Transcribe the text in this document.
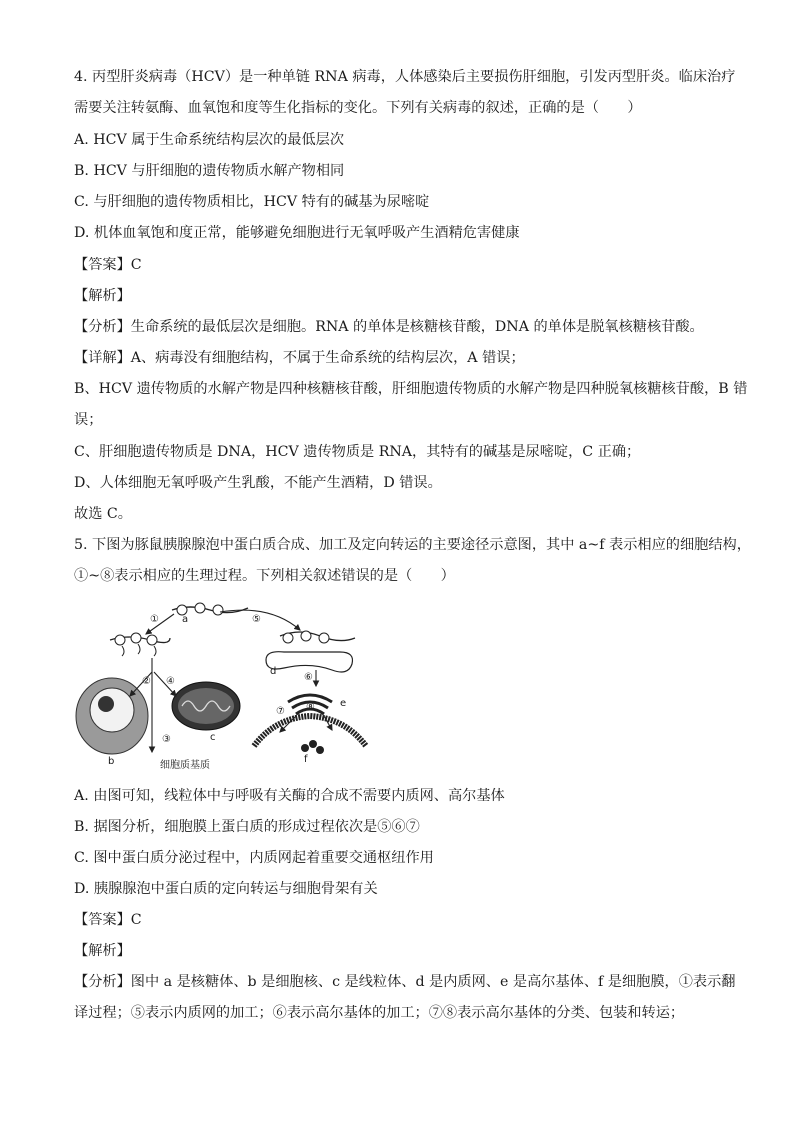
4. 丙型肝炎病毒（HCV）是一种单链 RNA 病毒，人体感染后主要损伤肝细胞，引发丙型肝炎。临床治疗
需要关注转氨酶、血氧饱和度等生化指标的变化。下列有关病毒的叙述，正确的是（　　）
A. HCV 属于生命系统结构层次的最低层次
B. HCV 与肝细胞的遗传物质水解产物相同
C. 与肝细胞的遗传物质相比，HCV 特有的碱基为尿嘧啶
D. 机体血氧饱和度正常，能够避免细胞进行无氧呼吸产生酒精危害健康
【答案】C
【解析】
【分析】生命系统的最低层次是细胞。RNA 的单体是核糖核苷酸，DNA 的单体是脱氧核糖核苷酸。
【详解】A、病毒没有细胞结构，不属于生命系统的结构层次，A 错误；
B、HCV 遗传物质的水解产物是四种核糖核苷酸，肝细胞遗传物质的水解产物是四种脱氧核糖核苷酸，B 错
误；
C、肝细胞遗传物质是 DNA，HCV 遗传物质是 RNA，其特有的碱基是尿嘧啶，C 正确；
D、人体细胞无氧呼吸产生乳酸，不能产生酒精，D 错误。
故选 C。
5. 下图为豚鼠胰腺腺泡中蛋白质合成、加工及定向转运的主要途径示意图，其中 a~f 表示相应的细胞结构，
①~⑧表示相应的生理过程。下列相关叙述错误的是（　　）
a
b
c
d
e
f
①
②
③
④
⑤
⑥
⑦ ⑧
细胞质基质
A. 由图可知，线粒体中与呼吸有关酶的合成不需要内质网、高尔基体
B. 据图分析，细胞膜上蛋白质的形成过程依次是⑤⑥⑦
C. 图中蛋白质分泌过程中，内质网起着重要交通枢纽作用
D. 胰腺腺泡中蛋白质的定向转运与细胞骨架有关
【答案】C
【解析】
【分析】图中 a 是核糖体、b 是细胞核、c 是线粒体、d 是内质网、e 是高尔基体、f 是细胞膜，①表示翻
译过程；⑤表示内质网的加工；⑥表示高尔基体的加工；⑦⑧表示高尔基体的分类、包装和转运；
